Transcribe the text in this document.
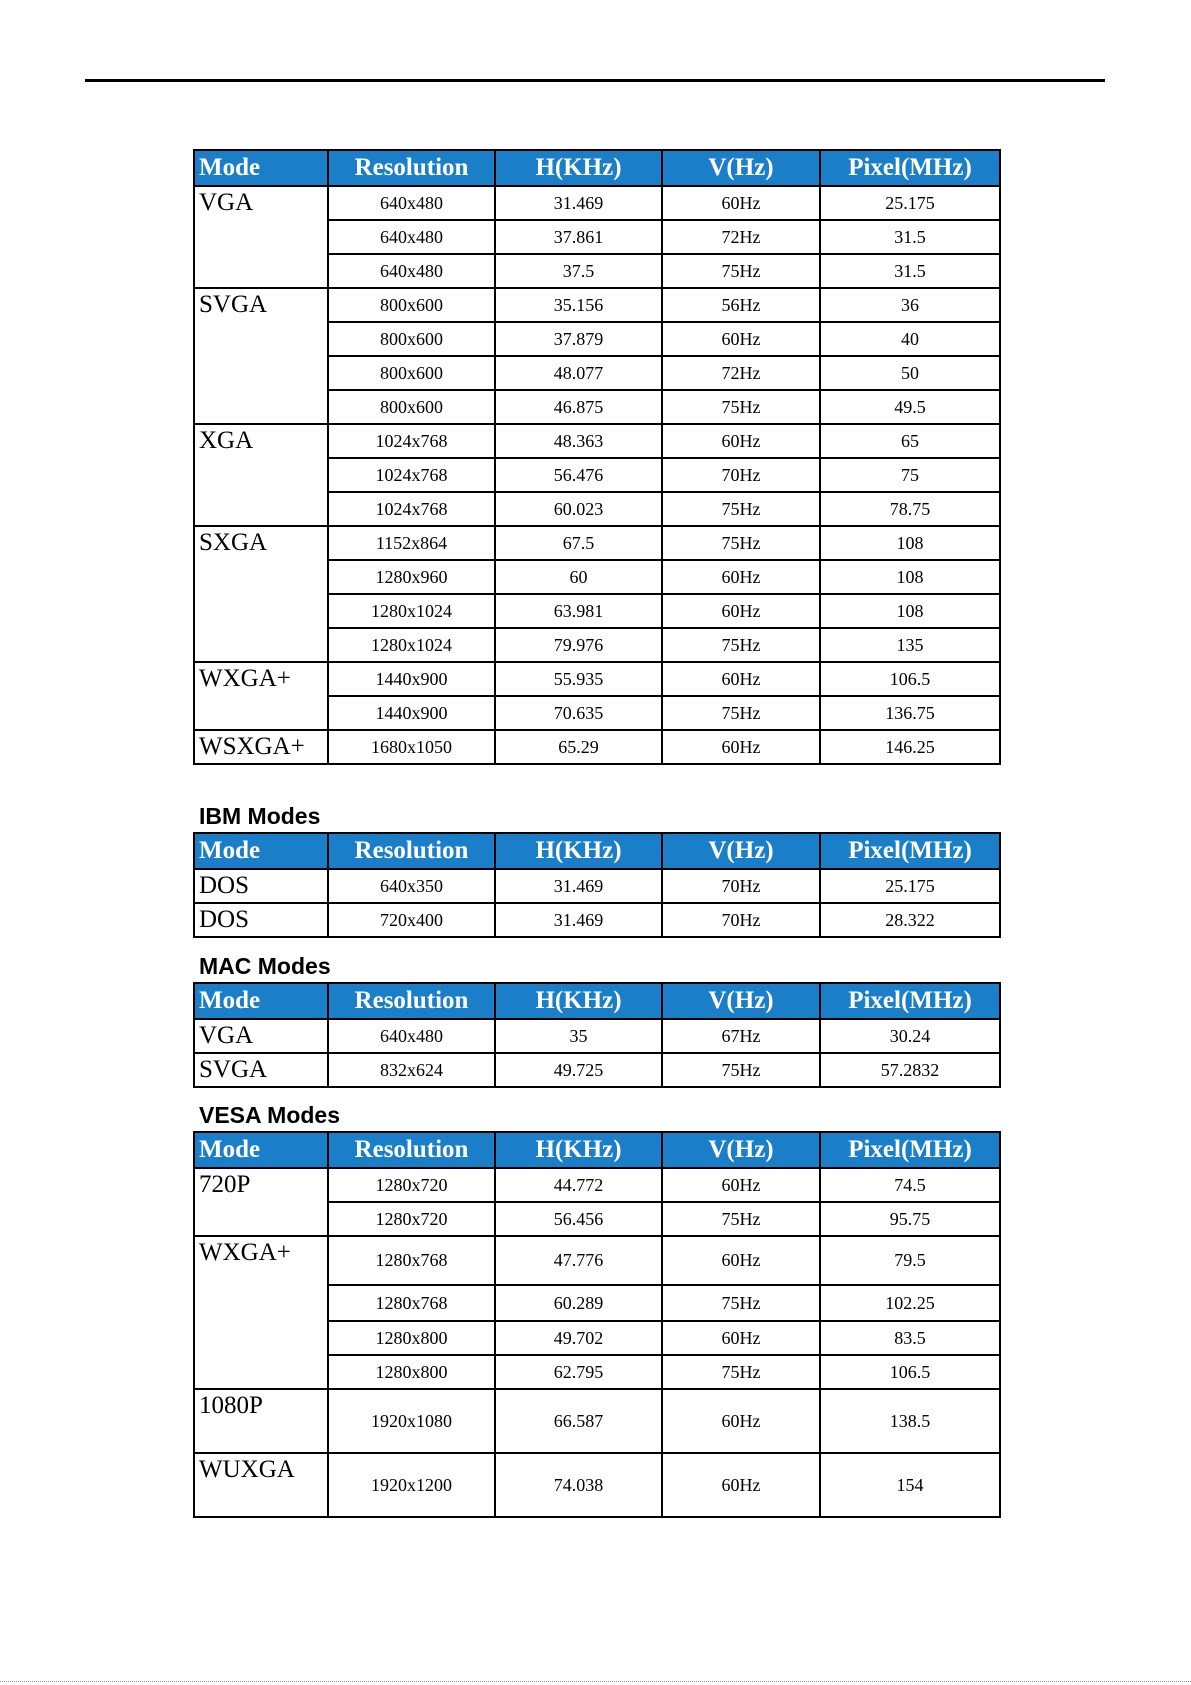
Mode	Resolution	H(KHz)	V(Hz)	Pixel(MHz)
VGA	640x480	31.469	60Hz	25.175
	640x480	37.861	72Hz	31.5
	640x480	37.5	75Hz	31.5
SVGA	800x600	35.156	56Hz	36
	800x600	37.879	60Hz	40
	800x600	48.077	72Hz	50
	800x600	46.875	75Hz	49.5
XGA	1024x768	48.363	60Hz	65
	1024x768	56.476	70Hz	75
	1024x768	60.023	75Hz	78.75
SXGA	1152x864	67.5	75Hz	108
	1280x960	60	60Hz	108
	1280x1024	63.981	60Hz	108
	1280x1024	79.976	75Hz	135
WXGA+	1440x900	55.935	60Hz	106.5
	1440x900	70.635	75Hz	136.75
WSXGA+	1680x1050	65.29	60Hz	146.25
IBM Modes
Mode	Resolution	H(KHz)	V(Hz)	Pixel(MHz)
DOS	640x350	31.469	70Hz	25.175
DOS	720x400	31.469	70Hz	28.322
MAC Modes
Mode	Resolution	H(KHz)	V(Hz)	Pixel(MHz)
VGA	640x480	35	67Hz	30.24
SVGA	832x624	49.725	75Hz	57.2832
VESA Modes
Mode	Resolution	H(KHz)	V(Hz)	Pixel(MHz)
720P	1280x720	44.772	60Hz	74.5
	1280x720	56.456	75Hz	95.75
WXGA+	1280x768	47.776	60Hz	79.5
	1280x768	60.289	75Hz	102.25
	1280x800	49.702	60Hz	83.5
	1280x800	62.795	75Hz	106.5
1080P	1920x1080	66.587	60Hz	138.5
WUXGA	1920x1200	74.038	60Hz	154
